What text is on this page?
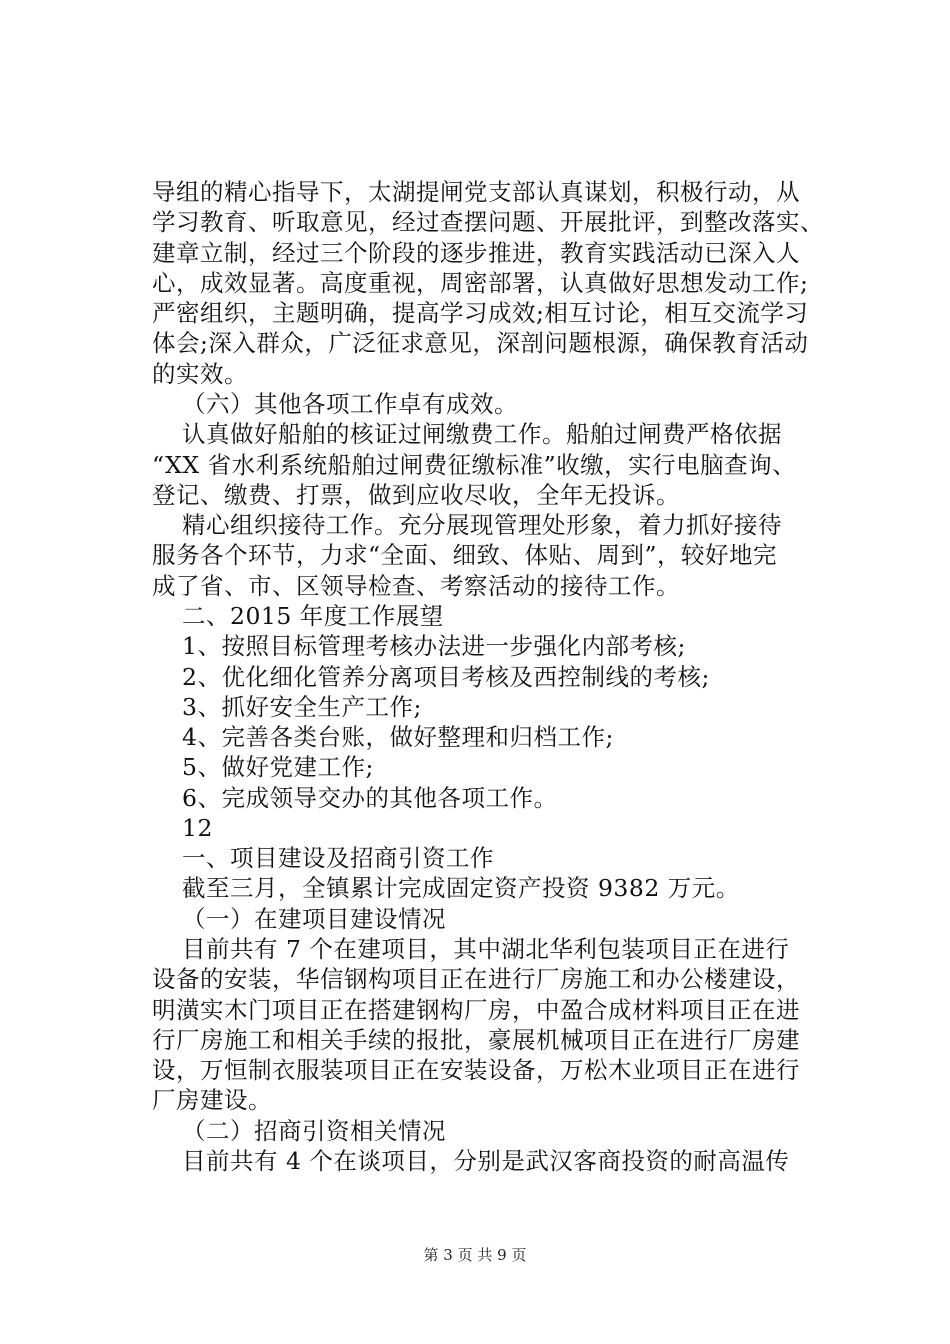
导组的精心指导下，太湖提闸党支部认真谋划，积极行动，从
学习教育、听取意见，经过查摆问题、开展批评，到整改落实、
建章立制，经过三个阶段的逐步推进，教育实践活动已深入人
心，成效显著。高度重视，周密部署，认真做好思想发动工作;
严密组织，主题明确，提高学习成效;相互讨论，相互交流学习
体会;深入群众，广泛征求意见，深剖问题根源，确保教育活动
的实效。
（六）其他各项工作卓有成效。
认真做好船舶的核证过闸缴费工作。船舶过闸费严格依据
“XX 省水利系统船舶过闸费征缴标准”收缴，实行电脑查询、
登记、缴费、打票，做到应收尽收，全年无投诉。
精心组织接待工作。充分展现管理处形象，着力抓好接待
服务各个环节，力求“全面、细致、体贴、周到”，较好地完
成了省、市、区领导检查、考察活动的接待工作。
二、2015 年度工作展望
1、按照目标管理考核办法进一步强化内部考核;
2、优化细化管养分离项目考核及西控制线的考核;
3、抓好安全生产工作;
4、完善各类台账，做好整理和归档工作;
5、做好党建工作;
6、完成领导交办的其他各项工作。
12
一、项目建设及招商引资工作
截至三月，全镇累计完成固定资产投资 9382 万元。
（一）在建项目建设情况
目前共有 7 个在建项目，其中湖北华利包装项目正在进行
设备的安装，华信钢构项目正在进行厂房施工和办公楼建设，
明潢实木门项目正在搭建钢构厂房，中盈合成材料项目正在进
行厂房施工和相关手续的报批，豪展机械项目正在进行厂房建
设，万恒制衣服装项目正在安装设备，万松木业项目正在进行
厂房建设。
（二）招商引资相关情况
目前共有 4 个在谈项目，分别是武汉客商投资的耐高温传
第 3 页 共 9 页
